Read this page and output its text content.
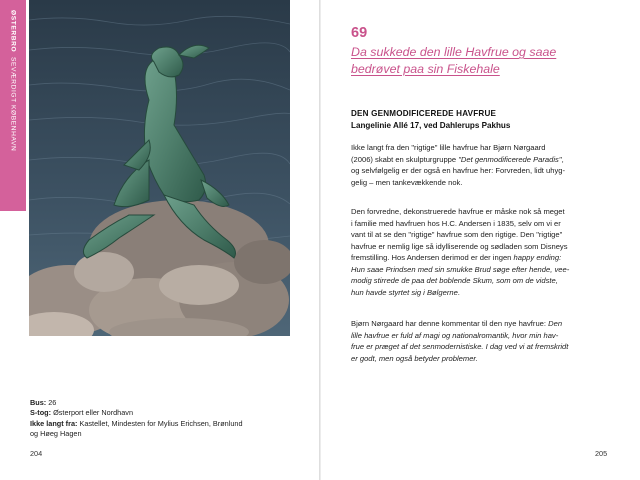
ØSTERBRO  SEVÆRDIGT KØBENHAVN
Bus: 26
S-tog: Østerport eller Nordhavn
Ikke langt fra: Kastellet, Mindesten for Mylius Erichsen, Brønlund
og Høeg Hagen
204
69
Da sukkede den lille Havfrue og saae
bedrøvet paa sin Fiskehale
DEN GENMODIFICEREDE HAVFRUE
Langelinie Allé 17, ved Dahlerups Pakhus
Ikke langt fra den "rigtige" lille havfrue har Bjørn Nørgaard
(2006) skabt en skulpturgruppe "Det genmodificerede Paradis",
og selvfølgelig er der også en havfrue her: Forvreden, lidt uhyg-
gelig – men tankevækkende nok.
Den forvredne, dekonstruerede havfrue er måske nok så meget
i familie med havfruen hos H.C. Andersen i 1835, selv om vi er
vant til at se den "rigtige" havfrue som den rigtige. Den "rigtige"
havfrue er nemlig lige så idylliserende og sødladen som Disneys
fremstilling. Hos Andersen derimod er der ingen happy ending:
Hun saae Prindsen med sin smukke Brud søge efter hende, vee-
modig stirrede de paa det boblende Skum, som om de vidste,
hun havde styrtet sig i Bølgerne.
Bjørn Nørgaard har denne kommentar til den nye havfrue: Den
lille havfrue er fuld af magi og nationalromantik, hvor min hav-
frue er præget af det senmodernistiske. I dag ved vi at fremskridt
er godt, men også betyder problemer.
205
